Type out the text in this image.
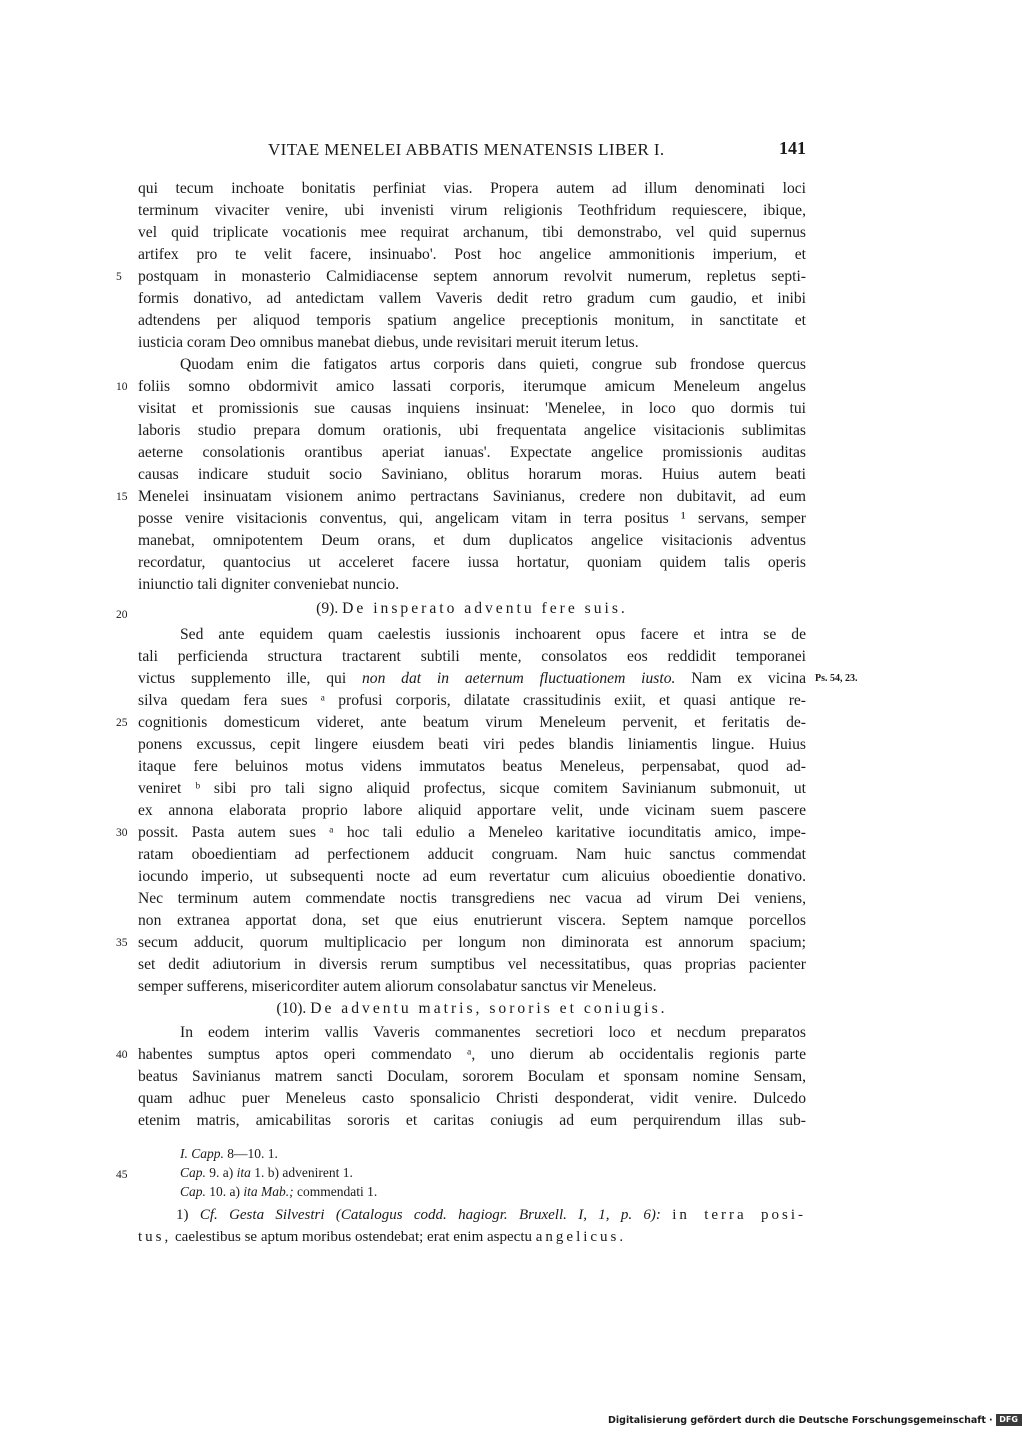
VITAE MENELEI ABBATIS MENATENSIS LIBER I.	141
qui tecum inchoate bonitatis perfiniat vias. Propera autem ad illum denominati loci
terminum vivaciter venire, ubi invenisti virum religionis Teothfridum requiescere, ibique,
vel quid triplicate vocationis mee requirat archanum, tibi demonstrabo, vel quid supernus
artifex pro te velit facere, insinuabo'. Post hoc angelice ammonitionis imperium, et
postquam in monasterio Calmidiacense septem annorum revolvit numerum, repletus septi-
formis donativo, ad antedictam vallem Vaveris dedit retro gradum cum gaudio, et inibi
adtendens per aliquod temporis spatium angelice preceptionis monitum, in sanctitate et
iusticia coram Deo omnibus manebat diebus, unde revisitari meruit iterum letus.
Quodam enim die fatigatos artus corporis dans quieti, congrue sub frondose quercus
foliis somno obdormivit amico lassati corporis, iterumque amicum Meneleum angelus
visitat et promissionis sue causas inquiens insinuat: 'Menelee, in loco quo dormis tui
laboris studio prepara domum orationis, ubi frequentata angelice visitacionis sublimitas
aeterne consolationis orantibus aperiat ianuas'. Expectate angelice promissionis auditas
causas indicare studuit socio Saviniano, oblitus horarum moras. Huius autem beati
Menelei insinuatam visionem animo pertractans Savinianus, credere non dubitavit, ad eum
posse venire visitacionis conventus, qui, angelicam vitam in terra positus ¹ servans, semper
manebat, omnipotentem Deum orans, et dum duplicatos angelice visitacionis adventus
recordatur, quantocius ut acceleret facere iussa hortatur, quoniam quidem talis operis
iniunctio tali digniter conveniebat nuncio.
(9). De insperato adventu fere suis.
Sed ante equidem quam caelestis iussionis inchoarent opus facere et intra se de
tali perficienda structura tractarent subtili mente, consolatos eos reddidit temporanei
victus supplemento ille, qui non dat in aeternum fluctuationem iusto. Nam ex vicina
silva quedam fera sues ᵃ profusi corporis, dilatate crassitudinis exiit, et quasi antique re-
cognitionis domesticum videret, ante beatum virum Meneleum pervenit, et feritatis de-
ponens excussus, cepit lingere eiusdem beati viri pedes blandis liniamentis lingue. Huius
itaque fere beluinos motus videns immutatos beatus Meneleus, perpensabat, quod ad-
veniret ᵇ sibi pro tali signo aliquid profectus, sicque comitem Savinianum submonuit, ut
ex annona elaborata proprio labore aliquid apportare velit, unde vicinam suem pascere
possit. Pasta autem sues ᵃ hoc tali edulio a Meneleo karitative iocunditatis amico, impe-
ratam oboedientiam ad perfectionem adducit congruam. Nam huic sanctus commendat
iocundo imperio, ut subsequenti nocte ad eum revertatur cum alicuius oboedientie donativo.
Nec terminum autem commendate noctis transgrediens nec vacua ad virum Dei veniens,
non extranea apportat dona, set que eius enutrierunt viscera. Septem namque porcellos
secum adducit, quorum multiplicacio per longum non diminorata est annorum spacium;
set dedit adiutorium in diversis rerum sumptibus vel necessitatibus, quas proprias pacienter
semper sufferens, misericorditer autem aliorum consolabatur sanctus vir Meneleus.
(10). De adventu matris, sororis et coniugis.
In eodem interim vallis Vaveris commanentes secretiori loco et necdum preparatos
habentes sumptus aptos operi commendato ᵃ, uno dierum ab occidentalis regionis parte
beatus Savinianus matrem sancti Doculam, sororem Boculam et sponsam nomine Sensam,
quam adhuc puer Meneleus casto sponsalicio Christi desponderat, vidit venire. Dulcedo
etenim matris, amicabilitas sororis et caritas coniugis ad eum perquirendum illas sub-
5
10
15
20
25
30
35
40
45
Ps. 54, 23.
I. Capp. 8—10. 1.
Cap. 9. a) ita 1. b) advenirent 1.
Cap. 10. a) ita Mab.; commendati 1.
1) Cf. Gesta Silvestri (Catalogus codd. hagiogr. Bruxell. I, 1, p. 6): in terra posi-
tus, caelestibus se aptum moribus ostendebat; erat enim aspectu angelicus.
Digitalisierung gefördert durch die Deutsche Forschungsgemeinschaft · DFG
